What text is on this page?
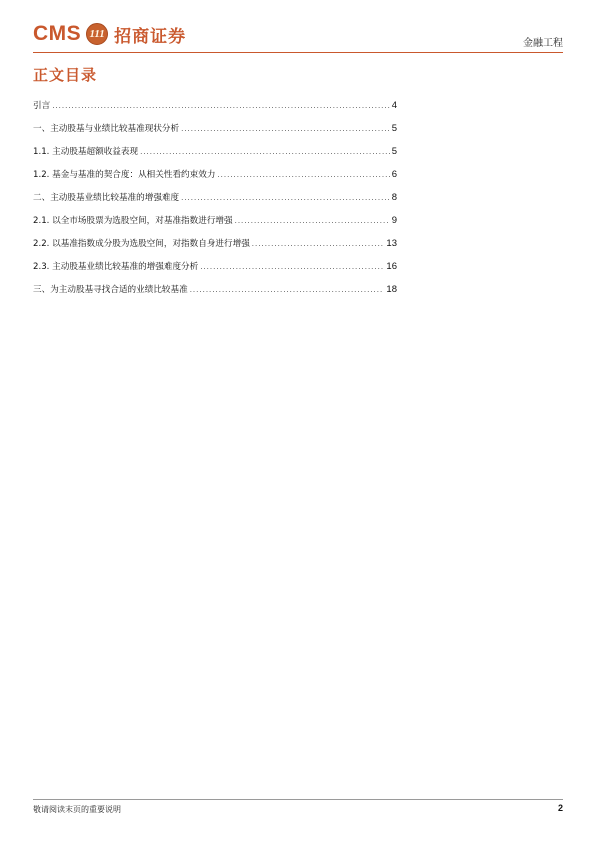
CMS 111 招商证券	金融工程
正文目录
引言 .....	4
一、主动股基与业绩比较基准现状分析 .....	5
1.1. 主动股基超额收益表现 .....	5
1.2. 基金与基准的契合度：从相关性看约束效力 .....	6
二、主动股基业绩比较基准的增强难度 .....	8
2.1. 以全市场股票为选股空间，对基准指数进行增强 .....	9
2.2. 以基准指数成分股为选股空间，对指数自身进行增强 .....	13
2.3. 主动股基业绩比较基准的增强难度分析 .....	16
三、为主动股基寻找合适的业绩比较基准 .....	18
敬请阅读末页的重要说明	2
